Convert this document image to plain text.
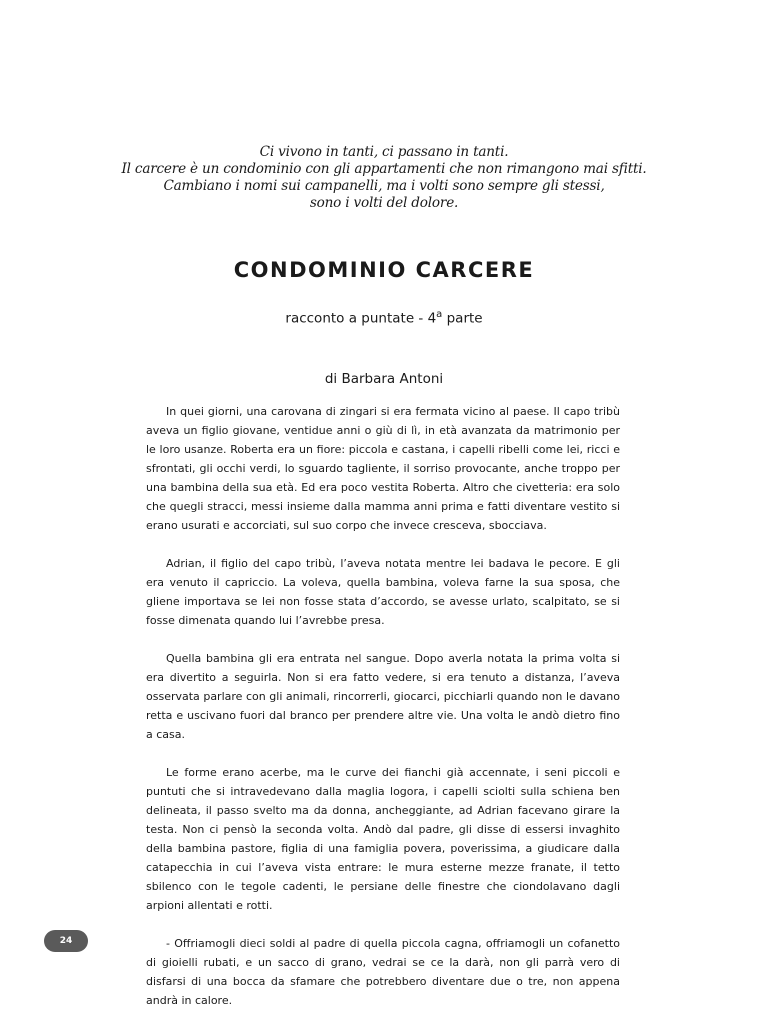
Ci vivono in tanti, ci passano in tanti.
Il carcere è un condominio con gli appartamenti che non rimangono mai sfitti.
Cambiano i nomi sui campanelli, ma i volti sono sempre gli stessi,
sono i volti del dolore.
CONDOMINIO CARCERE
racconto a puntate - 4$^a$ parte
di Barbara Antoni

In quei giorni, una carovana di zingari si era fermata vicino al paese. Il capo tribù aveva un figlio giovane, ventidue anni o giù di lì, in età avanzata da matrimonio per le loro usanze. Roberta era un fiore: piccola e castana, i capelli ribelli come lei, ricci e sfrontati, gli occhi verdi, lo sguardo tagliente, il sorriso provocante, anche troppo per una bambina della sua età. Ed era poco vestita Roberta. Altro che civetteria: era solo che quegli stracci, messi insieme dalla mamma anni prima e fatti diventare vestito si erano usurati e accorciati, sul suo corpo che invece cresceva, sbocciava.

Adrian, il figlio del capo tribù, l’aveva notata mentre lei badava le pecore. E gli era venuto il capriccio. La voleva, quella bambina, voleva farne la sua sposa, che gliene importava se lei non fosse stata d’accordo, se avesse urlato, scalpitato, se si fosse dimenata quando lui l’avrebbe presa.

Quella bambina gli era entrata nel sangue. Dopo averla notata la prima volta si era divertito a seguirla. Non si era fatto vedere, si era tenuto a distanza, l’aveva osservata parlare con gli animali, rincorrerli, giocarci, picchiarli quando non le davano retta e uscivano fuori dal branco per prendere altre vie. Una volta le andò dietro fino a casa.

Le forme erano acerbe, ma le curve dei fianchi già accennate, i seni piccoli e puntuti che si intravedevano dalla maglia logora, i capelli sciolti sulla schiena ben delineata, il passo svelto ma da donna, ancheggiante, ad Adrian facevano girare la testa. Non ci pensò la seconda volta. Andò dal padre, gli disse di essersi invaghito della bambina pastore, figlia di una famiglia povera, poverissima, a giudicare dalla catapecchia in cui l’aveva vista entrare: le mura esterne mezze franate, il tetto sbilenco con le tegole cadenti, le persiane delle finestre che ciondolavano dagli arpioni allentati e rotti.

- Offriamogli dieci soldi al padre di quella piccola cagna, offriamogli un cofanetto di gioielli rubati, e un sacco di grano, vedrai se ce la darà, non gli parrà vero di disfarsi di una bocca da sfamare che potrebbero diventare due o tre, non appena andrà in calore.

24
